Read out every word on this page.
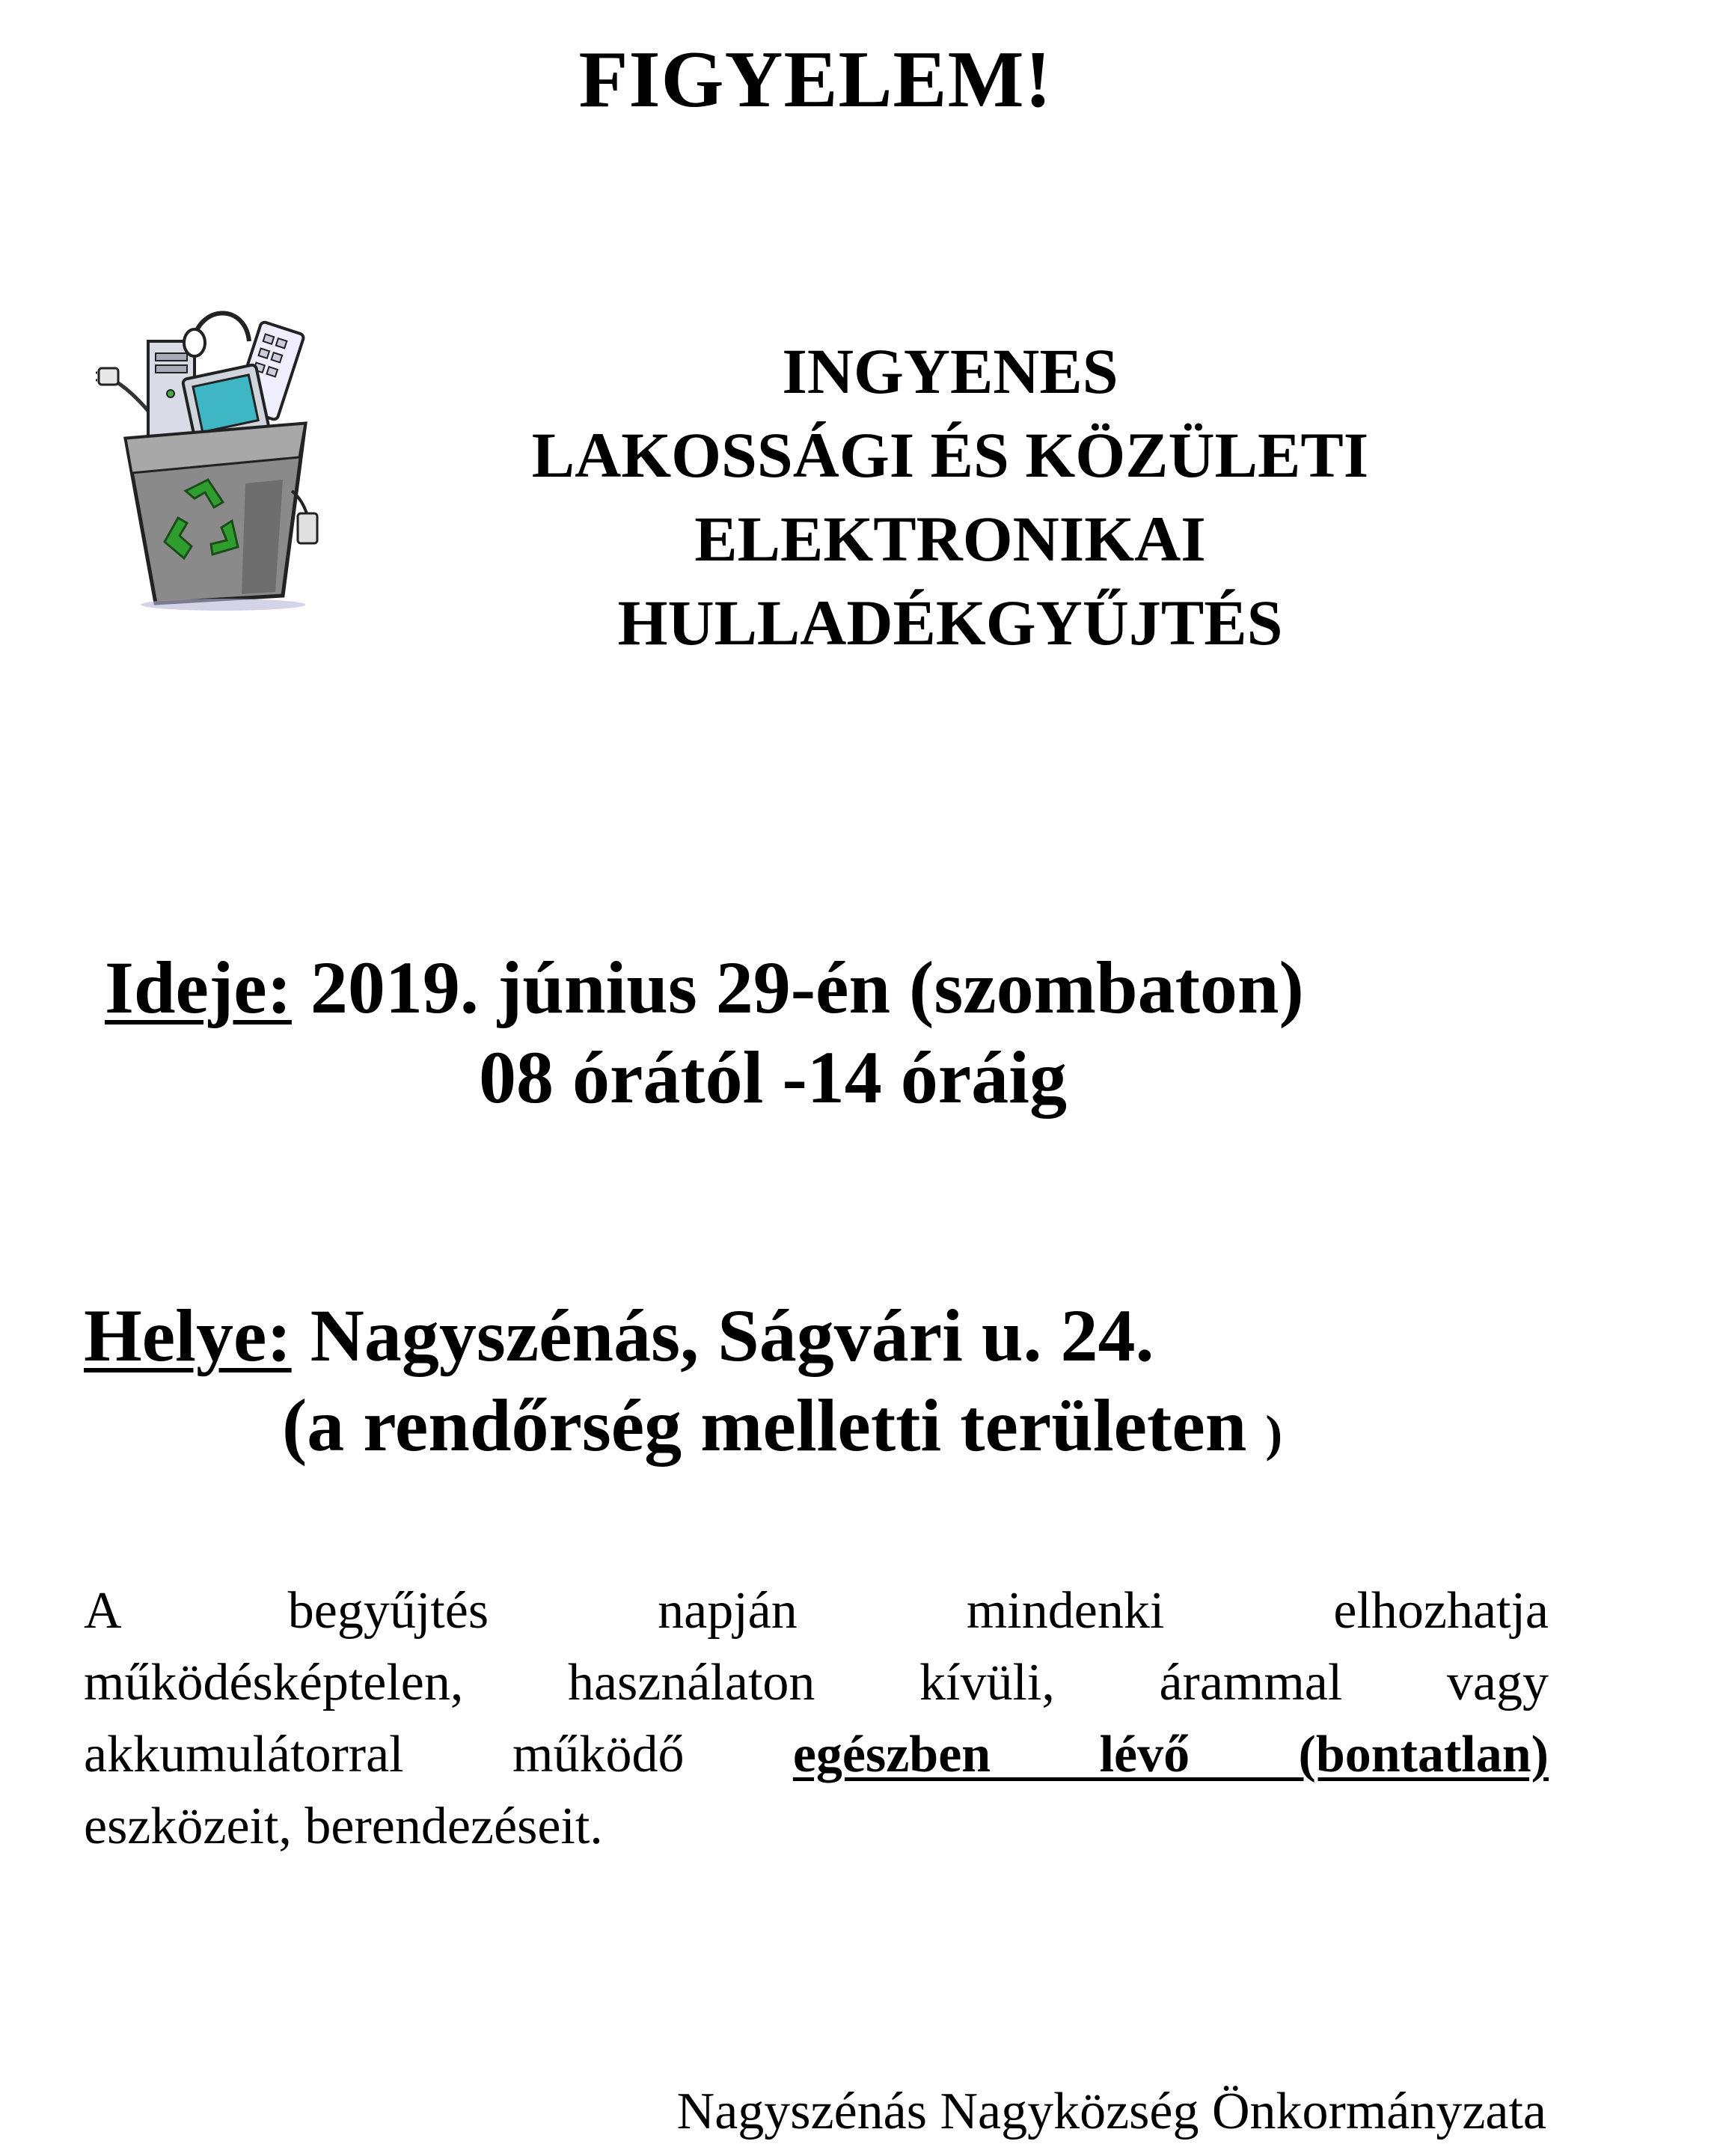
FIGYELEM!
INGYENES
LAKOSSÁGI ÉS KÖZÜLETI
ELEKTRONIKAI
HULLADÉKGYŰJTÉS
Ideje: 2019. június 29-én (szombaton)
08 órától -14 óráig
Helye: Nagyszénás, Ságvári u. 24.
(a rendőrség melletti területen )
A begyűjtés napján mindenki elhozhatja
működésképtelen, használaton kívüli, árammal vagy
akkumulátorral működő egészben lévő (bontatlan)
eszközeit, berendezéseit.
Nagyszénás Nagyközség Önkormányzata
